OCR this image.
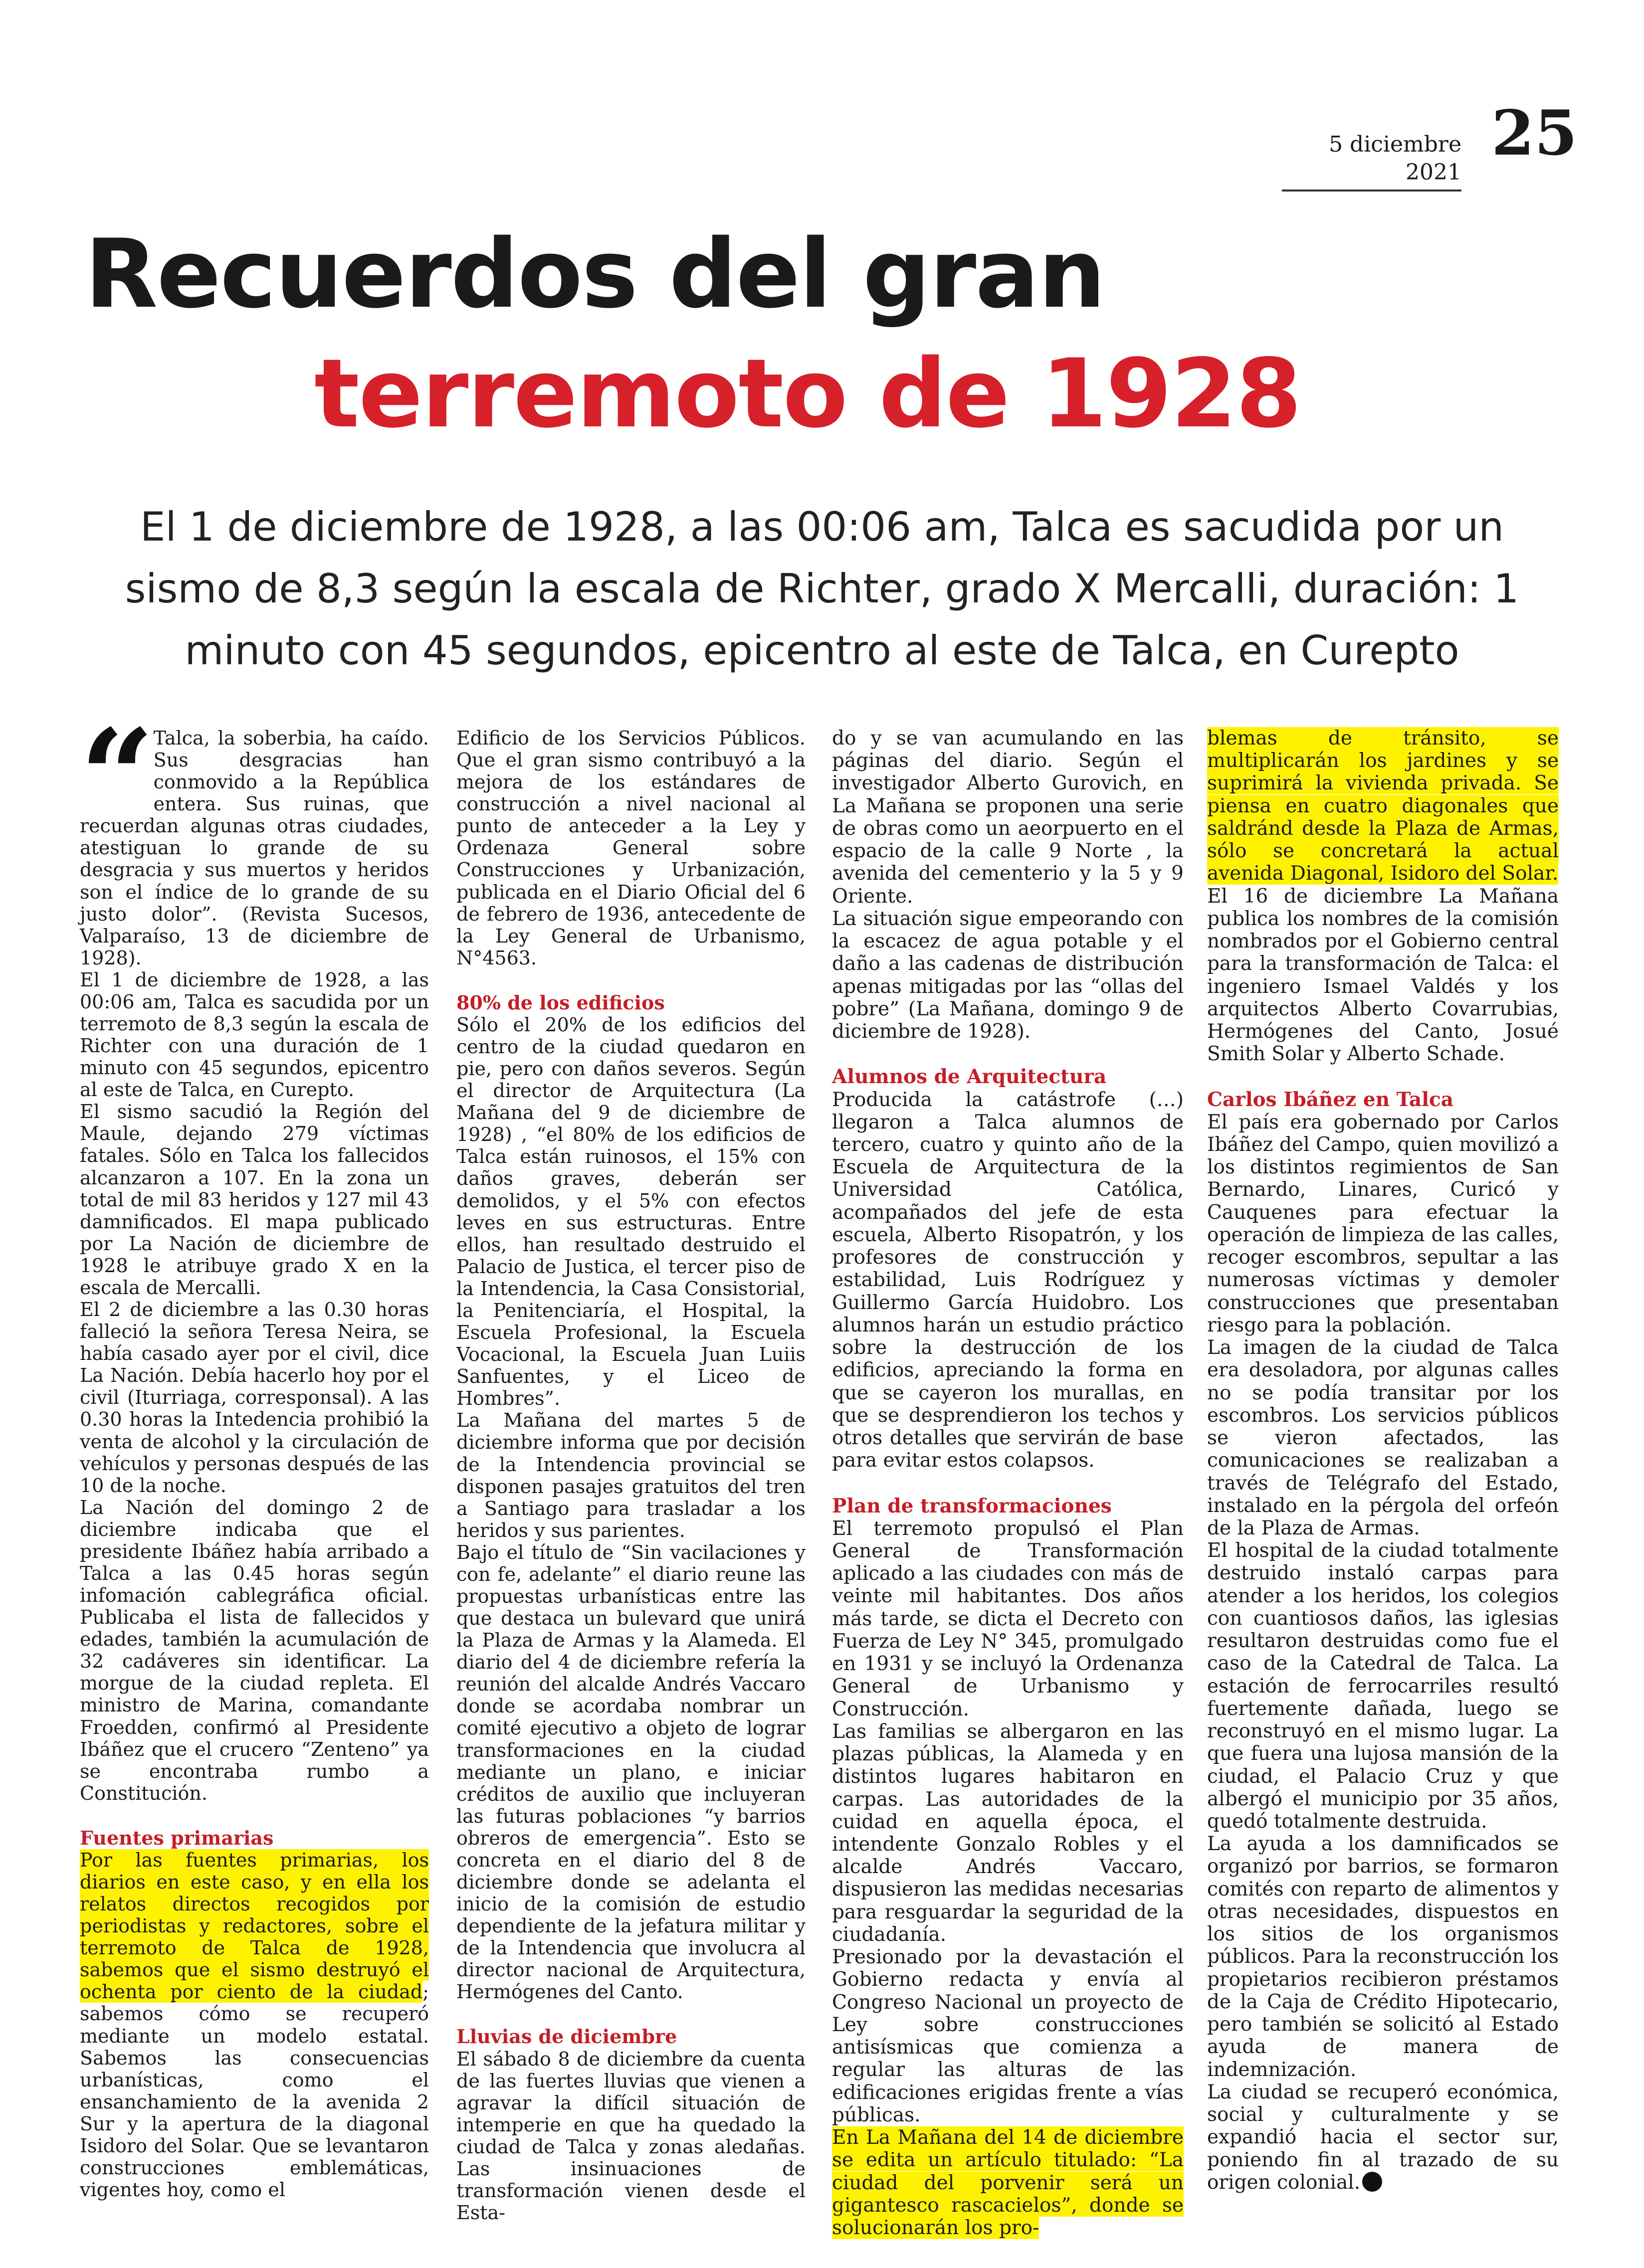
5 diciembre 2021
25
Recuerdos del gran
terremoto de 1928
El 1 de diciembre de 1928, a las 00:06 am, Talca es sacudida por un
sismo de 8,3 según la escala de Richter, grado X Mercalli, duración: 1
minuto con 45 segundos, epicentro al este de Talca, en Curepto

“ Talca, la soberbia, ha caído. Sus desgracias han conmovido a la República entera. Sus ruinas, que recuerdan algunas otras ciudades, atestiguan lo grande de su desgracia y sus muertos y heridos son el índice de lo grande de su justo dolor”. (Revista Sucesos, Valparaíso, 13 de diciembre de 1928).

El 1 de diciembre de 1928, a las 00:06 am, Talca es sacudida por un terremoto de 8,3 según la escala de Richter con una duración de 1 minuto con 45 segundos, epicentro al este de Talca, en Curepto.

El sismo sacudió la Región del Maule, dejando 279 víctimas fatales. Sólo en Talca los fallecidos alcanzaron a 107. En la zona un total de mil 83 heridos y 127 mil 43 damnificados. El mapa publicado por La Nación de diciembre de 1928 le atribuye grado X en la escala de Mercalli.

El 2 de diciembre a las 0.30 horas falleció la señora Teresa Neira, se había casado ayer por el civil, dice La Nación. Debía hacerlo hoy por el civil (Iturriaga, corresponsal). A las 0.30 horas la Intedencia prohibió la venta de alcohol y la circulación de vehículos y personas después de las 10 de la noche.

La Nación del domingo 2 de diciembre indicaba que el presidente Ibáñez había arribado a Talca a las 0.45 horas según infomación cablegráfica oficial. Publicaba el lista de fallecidos y edades, también la acumulación de 32 cadáveres sin identificar. La morgue de la ciudad repleta. El ministro de Marina, comandante Froedden, confirmó al Presidente Ibáñez que el crucero “Zenteno” ya se encontraba rumbo a Constitución.

Fuentes primarias

Por las fuentes primarias, los diarios en este caso, y en ella los relatos directos recogidos por periodistas y redactores, sobre el terremoto de Talca de 1928, sabemos que el sismo destruyó el ochenta por ciento de la ciudad; sabemos cómo se recuperó mediante un modelo estatal. Sabemos las consecuencias urbanísticas, como el ensanchamiento de la avenida 2 Sur y la apertura de la diagonal Isidoro del Solar. Que se levantaron construcciones emblemáticas, vigentes hoy, como el

Edificio de los Servicios Públicos. Que el gran sismo contribuyó a la mejora de los estándares de construcción a nivel nacional al punto de anteceder a la Ley y Ordenaza General sobre Construcciones y Urbanización, publicada en el Diario Oficial del 6 de febrero de 1936, antecedente de la Ley General de Urbanismo, N°4563.

80% de los edificios

Sólo el 20% de los edificios del centro de la ciudad quedaron en pie, pero con daños severos. Según el director de Arquitectura (La Mañana del 9 de diciembre de 1928) , “el 80% de los edificios de Talca están ruinosos, el 15% con daños graves, deberán ser demolidos, y el 5% con efectos leves en sus estructuras. Entre ellos, han resultado destruido el Palacio de Justica, el tercer piso de la Intendencia, la Casa Consistorial, la Penitenciaría, el Hospital, la Escuela Profesional, la Escuela Vocacional, la Escuela Juan Luiis Sanfuentes, y el Liceo de Hombres”.

La Mañana del martes 5 de diciembre informa que por decisión de la Intendencia provincial se disponen pasajes gratuitos del tren a Santiago para trasladar a los heridos y sus parientes.

Bajo el título de “Sin vacilaciones y con fe, adelante” el diario reune las propuestas urbanísticas entre las que destaca un bulevard que unirá la Plaza de Armas y la Alameda. El diario del 4 de diciembre refería la reunión del alcalde Andrés Vaccaro donde se acordaba nombrar un comité ejecutivo a objeto de lograr transformaciones en la ciudad mediante un plano, e iniciar créditos de auxilio que incluyeran las futuras poblaciones “y barrios obreros de emergencia”. Esto se concreta en el diario del 8 de diciembre donde se adelanta el inicio de la comisión de estudio dependiente de la jefatura militar y de la Intendencia que involucra al director nacional de Arquitectura, Hermógenes del Canto.

Lluvias de diciembre

El sábado 8 de diciembre da cuenta de las fuertes lluvias que vienen a agravar la difícil situación de intemperie en que ha quedado la ciudad de Talca y zonas aledañas. Las insinuaciones de transformación vienen desde el Esta-

do y se van acumulando en las páginas del diario. Según el investigador Alberto Gurovich, en La Mañana se proponen una serie de obras como un aeorpuerto en el espacio de la calle 9 Norte , la avenida del cementerio y la 5 y 9 Oriente.

La situación sigue empeorando con la escacez de agua potable y el daño a las cadenas de distribución apenas mitigadas por las “ollas del pobre” (La Mañana, domingo 9 de diciembre de 1928).

Alumnos de Arquitectura

Producida la catástrofe (…) llegaron a Talca alumnos de tercero, cuatro y quinto año de la Escuela de Arquitectura de la Universidad Católica, acompañados del jefe de esta escuela, Alberto Risopatrón, y los profesores de construcción y estabilidad, Luis Rodríguez y Guillermo García Huidobro. Los alumnos harán un estudio práctico sobre la destrucción de los edificios, apreciando la forma en que se cayeron los murallas, en que se desprendieron los techos y otros detalles que servirán de base para evitar estos colapsos.

Plan de transformaciones

El terremoto propulsó el Plan General de Transformación aplicado a las ciudades con más de veinte mil habitantes. Dos años más tarde, se dicta el Decreto con Fuerza de Ley N° 345, promulgado en 1931 y se incluyó la Ordenanza General de Urbanismo y Construcción.

Las familias se albergaron en las plazas públicas, la Alameda y en distintos lugares habitaron en carpas. Las autoridades de la cuidad en aquella época, el intendente Gonzalo Robles y el alcalde Andrés Vaccaro, dispusieron las medidas necesarias para resguardar la seguridad de la ciudadanía.

Presionado por la devastación el Gobierno redacta y envía al Congreso Nacional un proyecto de Ley sobre construcciones antisísmicas que comienza a regular las alturas de las edificaciones erigidas frente a vías públicas.

En La Mañana del 14 de diciembre se edita un artículo titulado: “La ciudad del porvenir será un gigantesco rascacielos”, donde se solucionarán los pro-

blemas de tránsito, se multiplicarán los jardines y se suprimirá la vivienda privada. Se piensa en cuatro diagonales que saldránd desde la Plaza de Armas, sólo se concretará la actual avenida Diagonal, Isidoro del Solar.

El 16 de diciembre La Mañana publica los nombres de la comisión nombrados por el Gobierno central para la transformación de Talca: el ingeniero Ismael Valdés y los arquitectos Alberto Covarrubias, Hermógenes del Canto, Josué Smith Solar y Alberto Schade.

Carlos Ibáñez en Talca

El país era gobernado por Carlos Ibáñez del Campo, quien movilizó a los distintos regimientos de San Bernardo, Linares, Curicó y Cauquenes para efectuar la operación de limpieza de las calles, recoger escombros, sepultar a las numerosas víctimas y demoler construcciones que presentaban riesgo para la población.

La imagen de la ciudad de Talca era desoladora, por algunas calles no se podía transitar por los escombros. Los servicios públicos se vieron afectados, las comunicaciones se realizaban a través de Telégrafo del Estado, instalado en la pérgola del orfeón de la Plaza de Armas.

El hospital de la ciudad totalmente destruido instaló carpas para atender a los heridos, los colegios con cuantiosos daños, las iglesias resultaron destruidas como fue el caso de la Catedral de Talca. La estación de ferrocarriles resultó fuertemente dañada, luego se reconstruyó en el mismo lugar. La que fuera una lujosa mansión de la ciudad, el Palacio Cruz y que albergó el municipio por 35 años, quedó totalmente destruida.

La ayuda a los damnificados se organizó por barrios, se formaron comités con reparto de alimentos y otras necesidades, dispuestos en los sitios de los organismos públicos. Para la reconstrucción los propietarios recibieron préstamos de la Caja de Crédito Hipotecario, pero también se solicitó al Estado ayuda de manera de indemnización.

La ciudad se recuperó económica, social y culturalmente y se expandió hacia el sector sur, poniendo fin al trazado de su origen colonial.
